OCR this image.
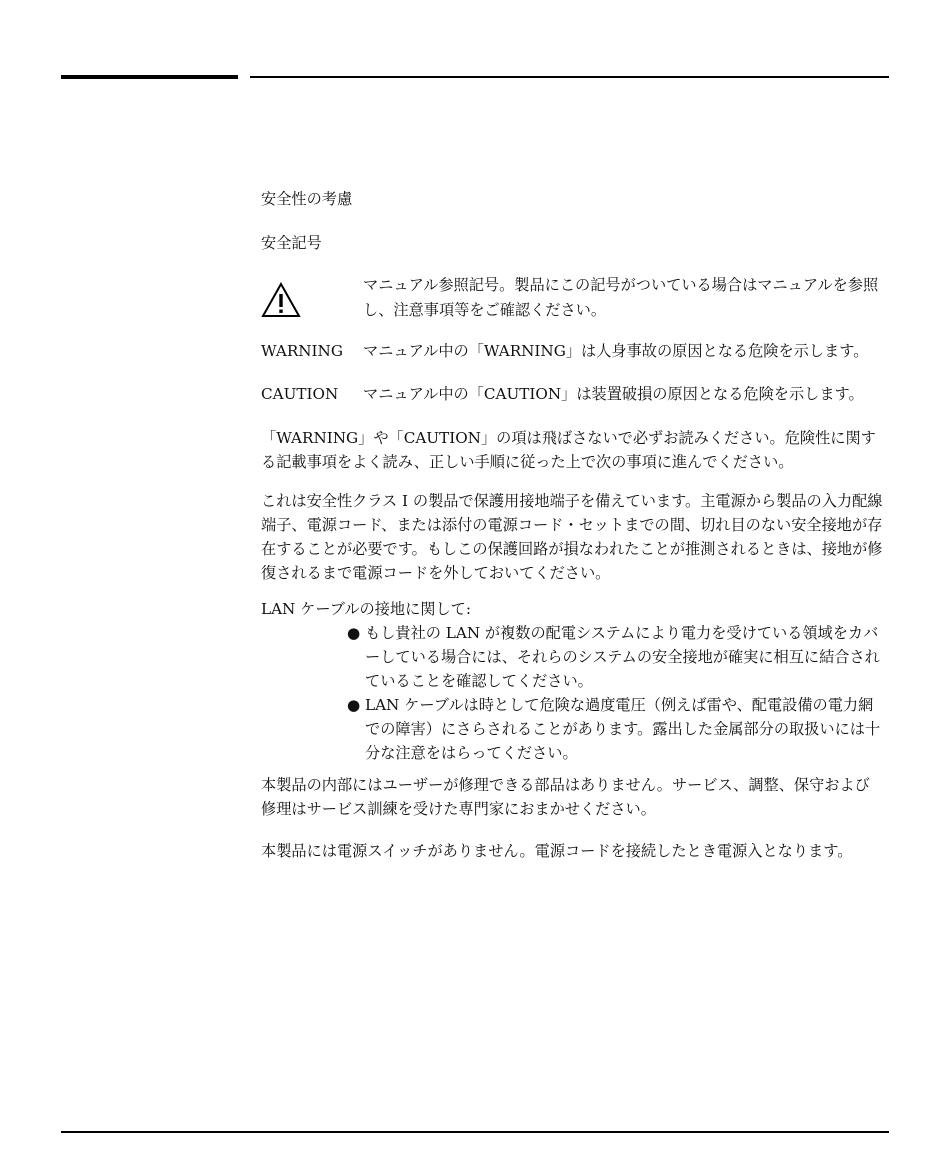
安全性の考慮

安全記号

マニュアル参照記号。製品にこの記号がついている場合はマニュアルを参照し、注意事項等をご確認ください。

WARNING	マニュアル中の「WARNING」は人身事故の原因となる危険を示します。
CAUTION	マニュアル中の「CAUTION」は装置破損の原因となる危険を示します。

「WARNING」や「CAUTION」の項は飛ばさないで必ずお読みください。危険性に関する記載事項をよく読み、正しい手順に従った上で次の事項に進んでください。

これは安全性クラス I の製品で保護用接地端子を備えています。主電源から製品の入力配線端子、電源コード、または添付の電源コード・セットまでの間、切れ目のない安全接地が存在することが必要です。もしこの保護回路が損なわれたことが推測されるときは、接地が修復されるまで電源コードを外しておいてください。

LAN ケーブルの接地に関して:

● もし貴社の LAN が複数の配電システムにより電力を受けている領域をカバーしている場合には、それらのシステムの安全接地が確実に相互に結合されていることを確認してください。
● LAN ケーブルは時として危険な過度電圧（例えば雷や、配電設備の電力網での障害）にさらされることがあります。露出した金属部分の取扱いには十分な注意をはらってください。

本製品の内部にはユーザーが修理できる部品はありません。サービス、調整、保守および修理はサービス訓練を受けた専門家におまかせください。

本製品には電源スイッチがありません。電源コードを接続したとき電源入となります。
